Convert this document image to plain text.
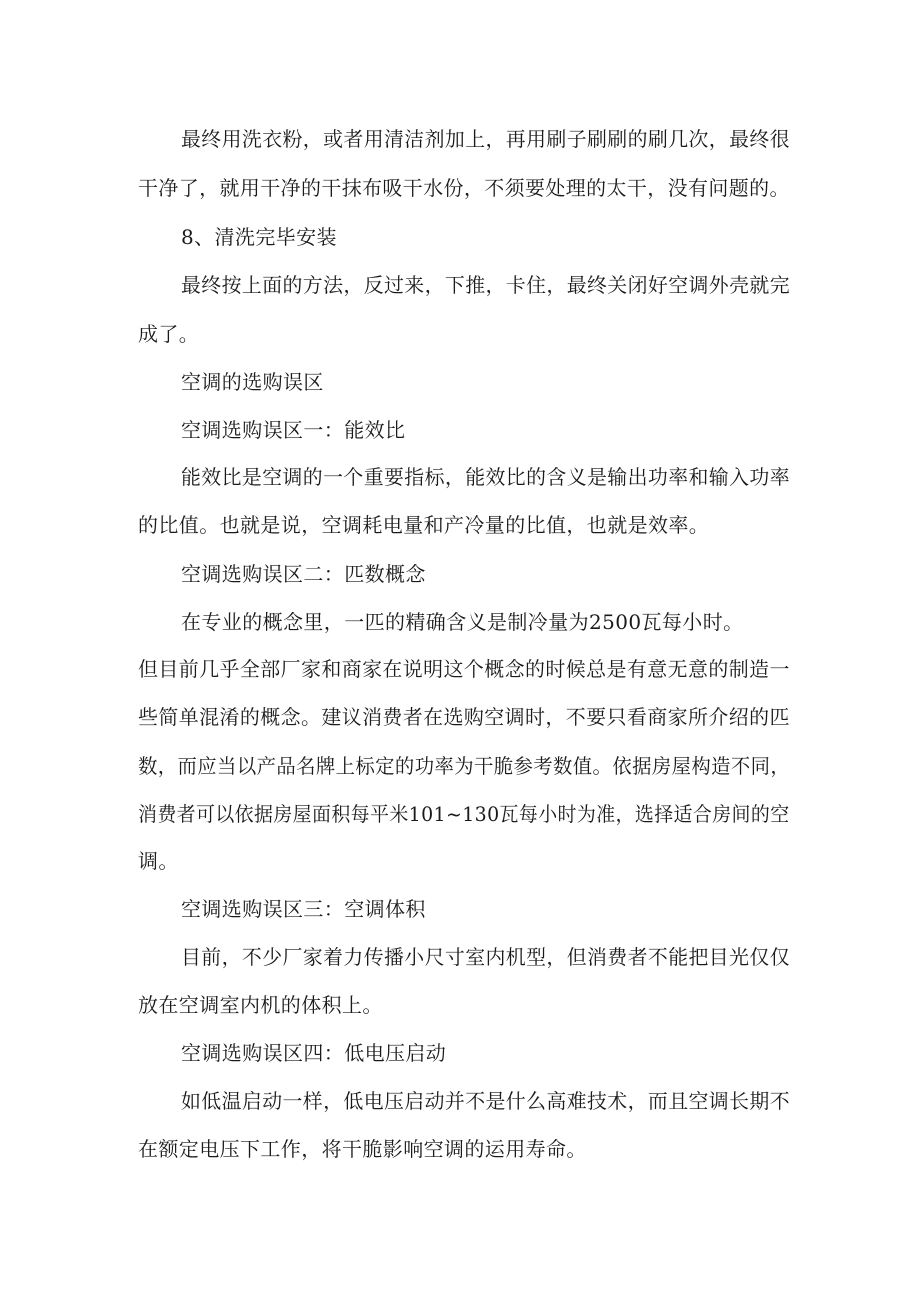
最终用洗衣粉，或者用清洁剂加上，再用刷子刷刷的刷几次，最终很

干净了，就用干净的干抹布吸干水份，不须要处理的太干，没有问题的。

8、清洗完毕安装

最终按上面的方法，反过来，下推，卡住，最终关闭好空调外壳就完

成了。

空调的选购误区

空调选购误区一：能效比

能效比是空调的一个重要指标，能效比的含义是输出功率和输入功率

的比值。也就是说，空调耗电量和产冷量的比值，也就是效率。

空调选购误区二：匹数概念

在专业的概念里，一匹的精确含义是制冷量为2500瓦每小时。

但目前几乎全部厂家和商家在说明这个概念的时候总是有意无意的制造一

些简单混淆的概念。建议消费者在选购空调时，不要只看商家所介绍的匹

数，而应当以产品名牌上标定的功率为干脆参考数值。依据房屋构造不同，

消费者可以依据房屋面积每平米101~130瓦每小时为准，选择适合房间的空

调。

空调选购误区三：空调体积

目前，不少厂家着力传播小尺寸室内机型，但消费者不能把目光仅仅

放在空调室内机的体积上。

空调选购误区四：低电压启动

如低温启动一样，低电压启动并不是什么高难技术，而且空调长期不

在额定电压下工作，将干脆影响空调的运用寿命。
